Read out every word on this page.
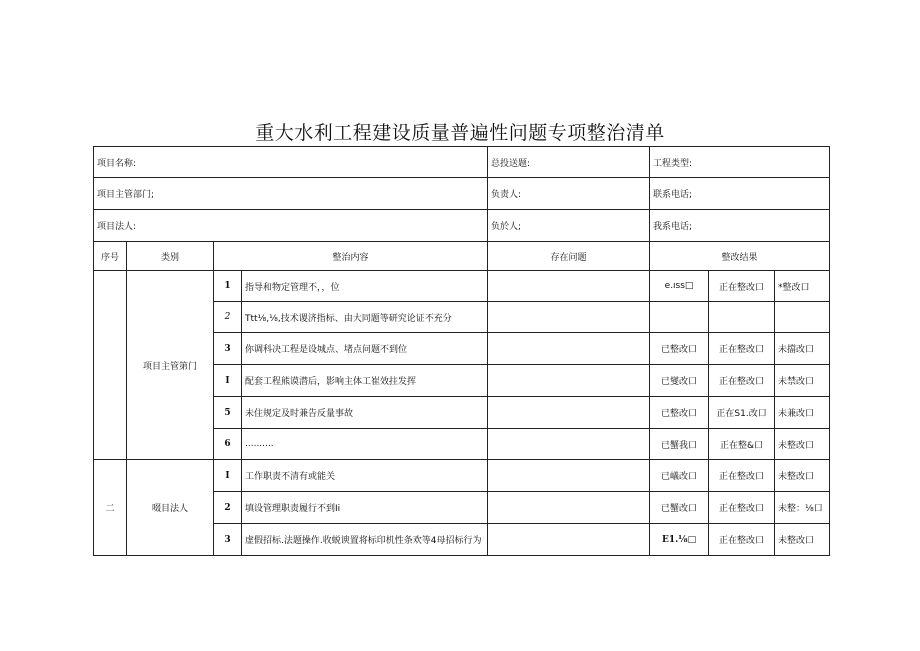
重大水利工程建设质量普遍性问题专项整治清单
项目名称:				总投送题:	工程类型:		
项目主管部门;				负责人:	联系电话;		
项目法人:				负於人;	我系电话;		
序号	类别	整治内容		存在问题	整改结果		
	项目主管第门	1	指导和物定管理不，，位		e.ıss□	正在整改口	*整改口
		2	Ttt⅛,⅛,技术谡济指标、由大同题等研究论证不充分				
		3	你调科决工程是设城点、堵点问题不到位		已整改口	正在整改口	未擋改口
		I	配套工程熊谟潜后，影响主体工崔效拄发挥		已燮改口	正在整改口	未禁改口
		5	未住规定及时兼告反量事故		已整改口	正在S1.改口	未兼改口
		6	..........		已蟹我口	正在整&口	未整改口
二	啜目法人	I	工作职责不清有或能关		已嶬改口	正在整改口	未整改口
		2	填设管理职责履行不到Ii		已蟹改口	正在整改口	未整：⅛口
		3	虚假招标.法题操作.收蜕谀置将标印机性条欢等4母招标行为		E1.⅛□	正在整改口	未整改口
